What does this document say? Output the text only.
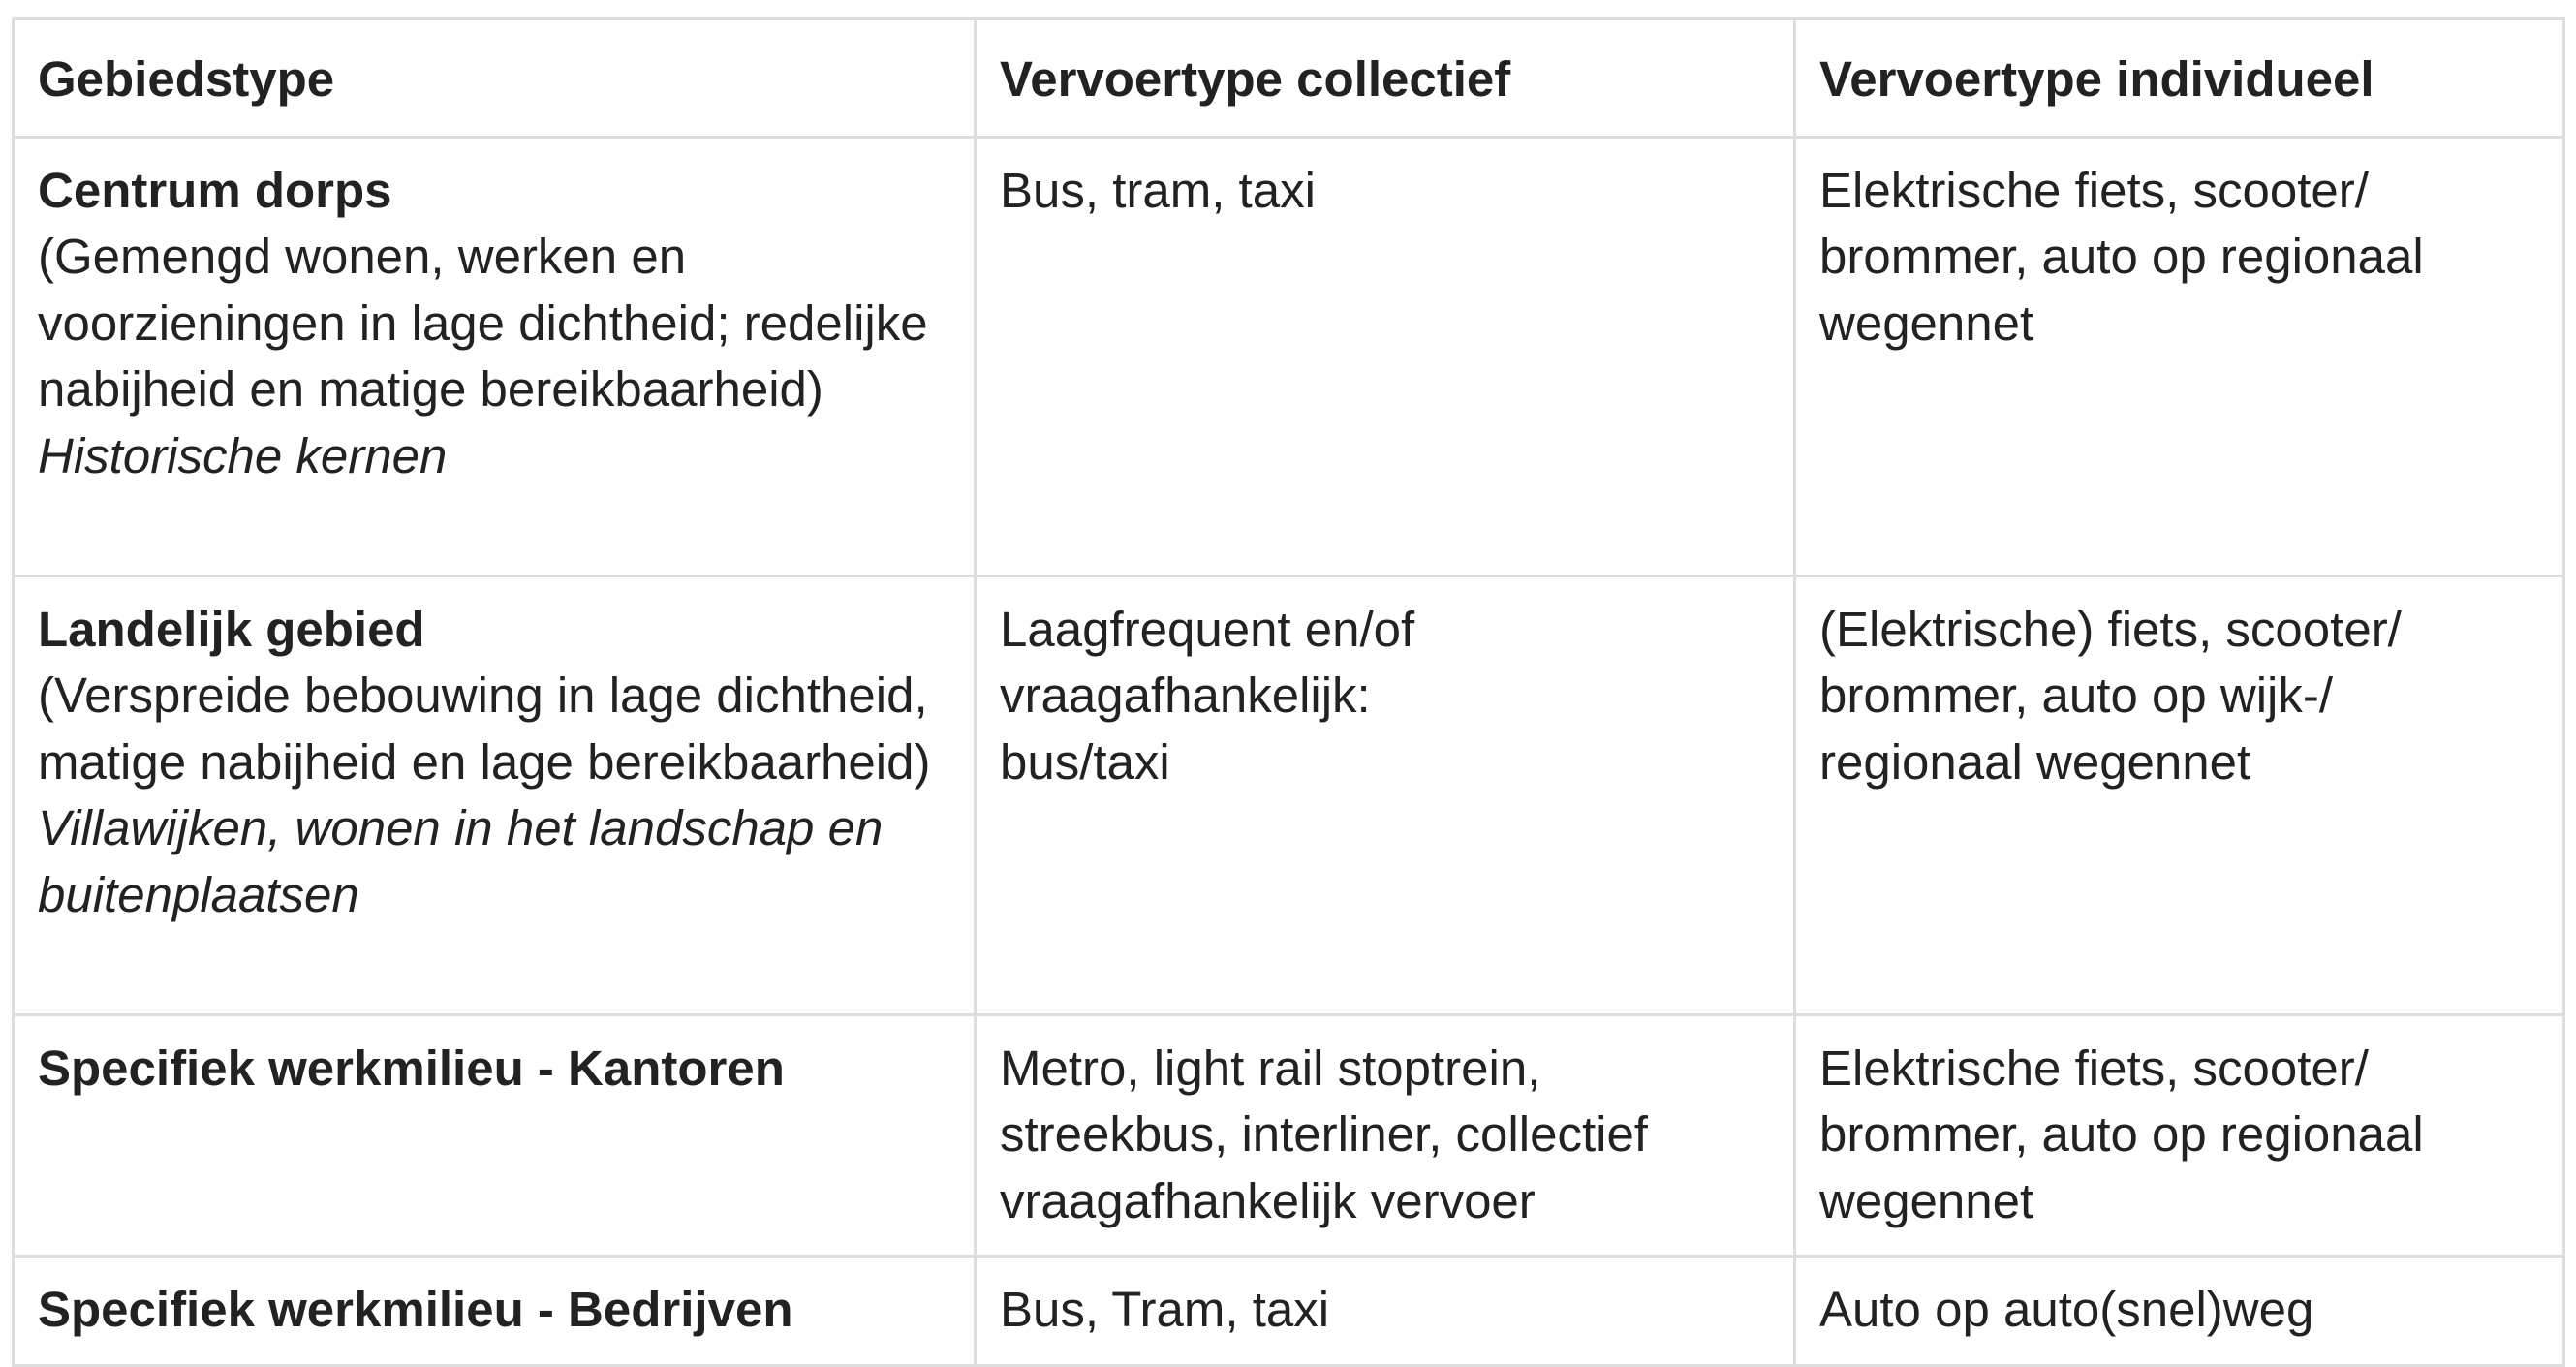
Gebiedstype	Vervoertype collectief	Vervoertype individueel

Centrum dorps
(Gemengd wonen, werken en voorzieningen in lage dichtheid; redelijke nabijheid en matige bereikbaarheid)
Historische kernen	Bus, tram, taxi	Elektrische fiets, scooter/ brommer, auto op regionaal wegennet

Landelijk gebied
(Verspreide bebouwing in lage dichtheid, matige nabijheid en lage bereikbaarheid)
Villawijken, wonen in het landschap en buitenplaatsen	Laagfrequent en/of vraagafhankelijk: bus/taxi	(Elektrische) fiets, scooter/ brommer, auto op wijk-/ regionaal wegennet

Specifiek werkmilieu - Kantoren	Metro, light rail stoptrein, streekbus, interliner, collectief vraagafhankelijk vervoer	Elektrische fiets, scooter/ brommer, auto op regionaal wegennet

Specifiek werkmilieu - Bedrijven	Bus, Tram, taxi	Auto op auto(snel)weg
